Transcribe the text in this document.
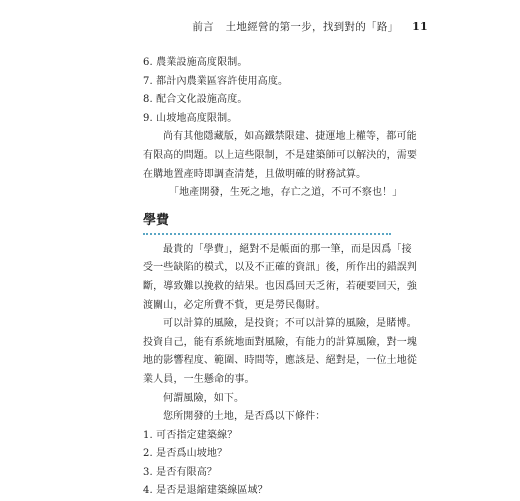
前言 土地經營的第一步，找到對的「路」 11
6. 農業設施高度限制。
7. 都計內農業區容許使用高度。
8. 配合文化設施高度。
9. 山坡地高度限制。
尚有其他隱藏版，如高鐵禁限建、捷運地上權等，都可能
有限高的問題。以上這些限制，不是建築師可以解決的，需要
在購地置產時即調查清楚，且做明確的財務試算。
「地產開發，生死之地，存亡之道，不可不察也！」
學費
最貴的「學費」，絕對不是帳面的那一筆，而是因爲「接
受一些缺陷的模式，以及不正確的資訊」後，所作出的錯誤判
斷，導致難以挽救的結果。也因爲回天乏術，若硬要回天，強
渡關山，必定所費不貲，更是勞民傷財。
可以計算的風險，是投資；不可以計算的風險，是賭博。
投資自己，能有系統地面對風險，有能力的計算風險，對一塊
地的影響程度、範圍、時間等，應該是、絕對是，一位土地從
業人員，一生懸命的事。
何謂風險，如下。
您所開發的土地，是否爲以下條件：
1. 可否指定建築線？
2. 是否爲山坡地？
3. 是否有限高？
4. 是否是退縮建築線區域？
